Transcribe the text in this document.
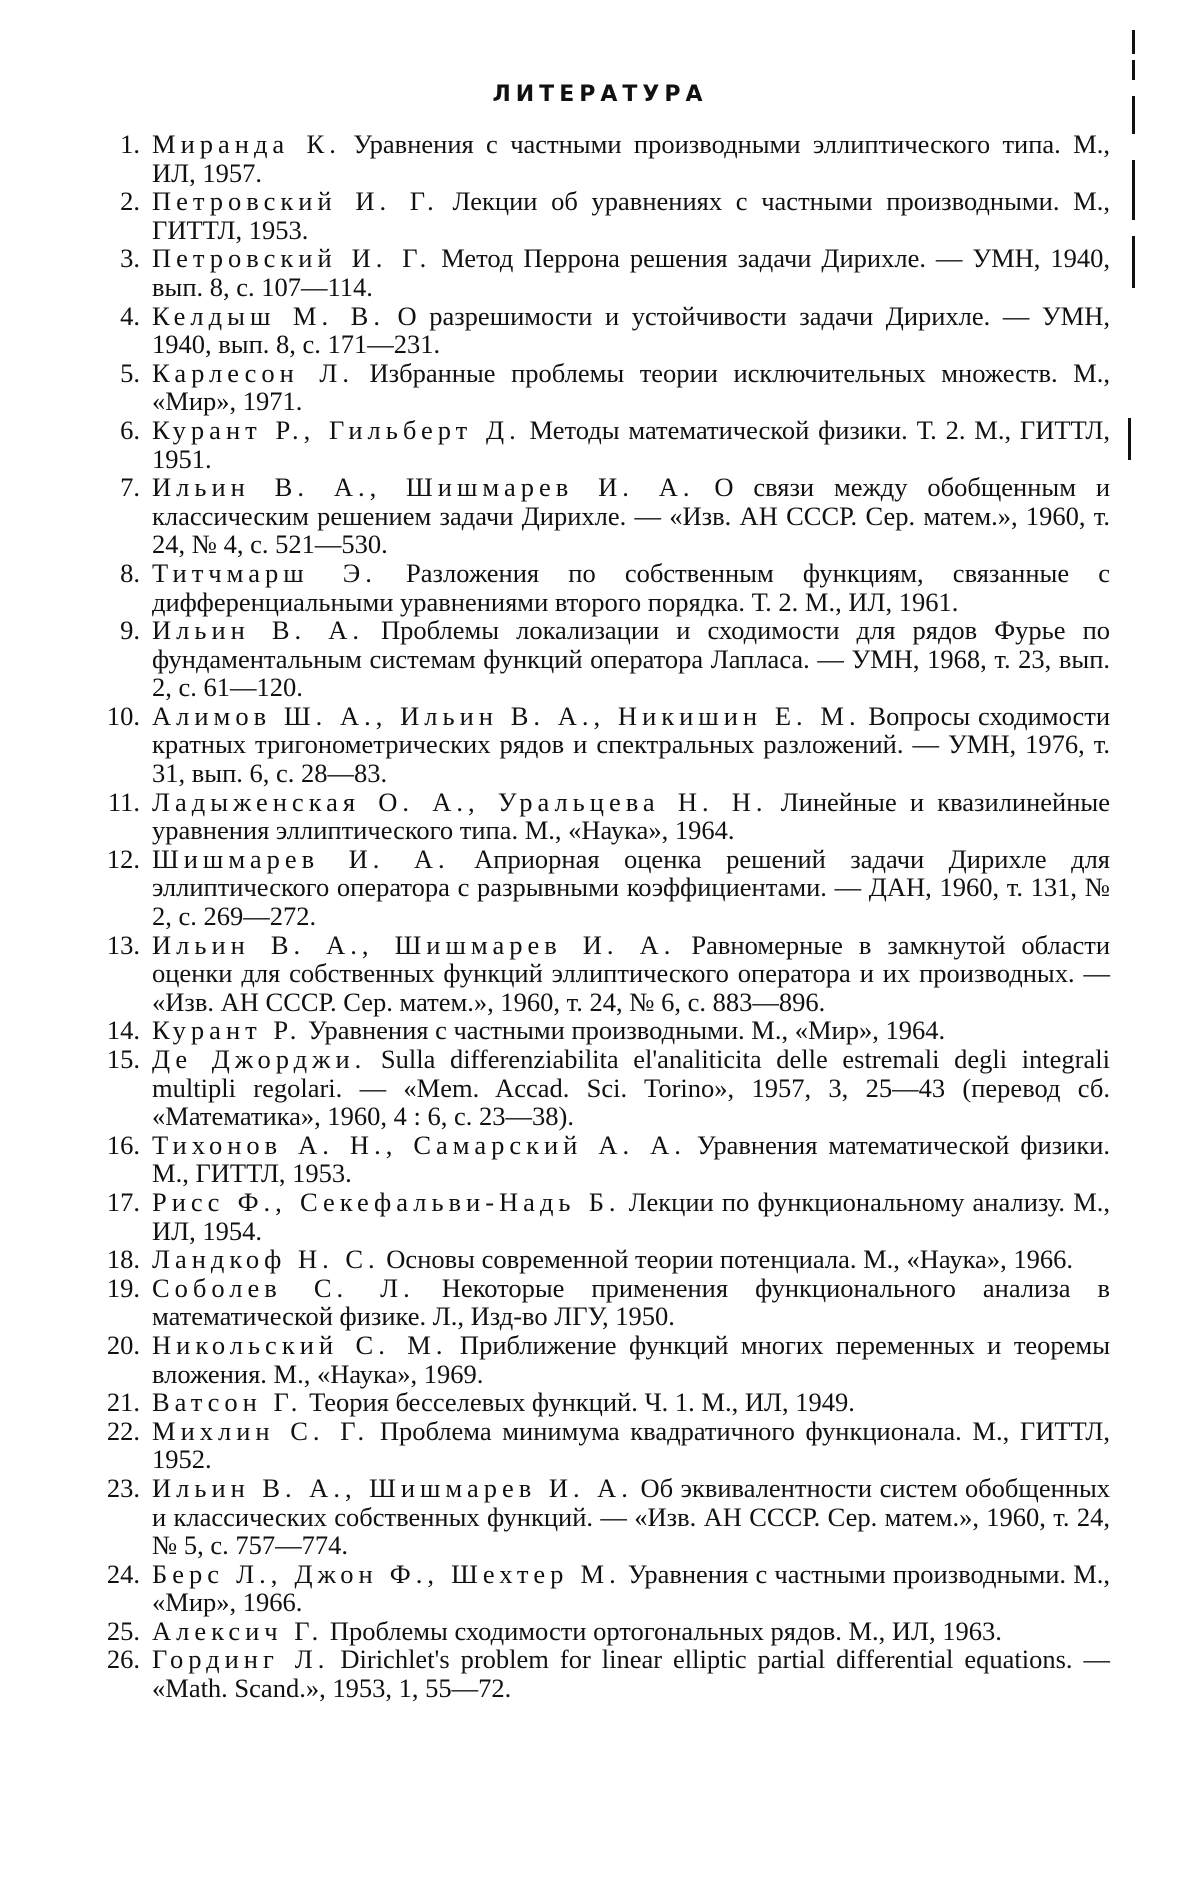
ЛИТЕРАТУРА
1. Миранда К. Уравнения с частными производными эллиптического типа. М., ИЛ, 1957.
2. Петровский И. Г. Лекции об уравнениях с частными производными. М., ГИТТЛ, 1953.
3. Петровский И. Г. Метод Перрона решения задачи Дирихле. — УМН, 1940, вып. 8, с. 107—114.
4. Келдыш М. В. О разрешимости и устойчивости задачи Дирихле. — УМН, 1940, вып. 8, с. 171—231.
5. Карлесон Л. Избранные проблемы теории исключительных множеств. М., «Мир», 1971.
6. Курант Р., Гильберт Д. Методы математической физики. Т. 2. М., ГИТТЛ, 1951.
7. Ильин В. А., Шишмарев И. А. О связи между обобщенным и классическим решением задачи Дирихле. — «Изв. АН СССР. Сер. матем.», 1960, т. 24, № 4, с. 521—530.
8. Титчмарш Э. Разложения по собственным функциям, связанные с дифференциальными уравнениями второго порядка. Т. 2. М., ИЛ, 1961.
9. Ильин В. А. Проблемы локализации и сходимости для рядов Фурье по фундаментальным системам функций оператора Лапласа. — УМН, 1968, т. 23, вып. 2, с. 61—120.
10. Алимов Ш. А., Ильин В. А., Никишин Е. М. Вопросы сходимости кратных тригонометрических рядов и спектральных разложений. — УМН, 1976, т. 31, вып. 6, с. 28—83.
11. Ладыженская О. А., Уральцева Н. Н. Линейные и квазилинейные уравнения эллиптического типа. М., «Наука», 1964.
12. Шишмарев И. А. Априорная оценка решений задачи Дирихле для эллиптического оператора с разрывными коэффициентами. — ДАН, 1960, т. 131, № 2, с. 269—272.
13. Ильин В. А., Шишмарев И. А. Равномерные в замкнутой области оценки для собственных функций эллиптического оператора и их производных. — «Изв. АН СССР. Сер. матем.», 1960, т. 24, № 6, с. 883—896.
14. Курант Р. Уравнения с частными производными. М., «Мир», 1964.
15. Де Джорджи. Sulla differenziabilita el'analiticita delle estremali degli integrali multipli regolari. — «Mem. Accad. Sci. Torino», 1957, 3, 25—43 (перевод сб. «Математика», 1960, 4 : 6, с. 23—38).
16. Тихонов А. Н., Самарский А. А. Уравнения математической физики. М., ГИТТЛ, 1953.
17. Рисс Ф., Секефальви-Надь Б. Лекции по функциональному анализу. М., ИЛ, 1954.
18. Ландкоф Н. С. Основы современной теории потенциала. М., «Наука», 1966.
19. Соболев С. Л. Некоторые применения функционального анализа в математической физике. Л., Изд-во ЛГУ, 1950.
20. Никольский С. М. Приближение функций многих переменных и теоремы вложения. М., «Наука», 1969.
21. Ватсон Г. Теория бесселевых функций. Ч. 1. М., ИЛ, 1949.
22. Михлин С. Г. Проблема минимума квадратичного функционала. М., ГИТТЛ, 1952.
23. Ильин В. А., Шишмарев И. А. Об эквивалентности систем обобщенных и классических собственных функций. — «Изв. АН СССР. Сер. матем.», 1960, т. 24, № 5, с. 757—774.
24. Берс Л., Джон Ф., Шехтер М. Уравнения с частными производными. М., «Мир», 1966.
25. Алексич Г. Проблемы сходимости ортогональных рядов. М., ИЛ, 1963.
26. Гординг Л. Dirichlet's problem for linear elliptic partial differential equations. — «Math. Scand.», 1953, 1, 55—72.
